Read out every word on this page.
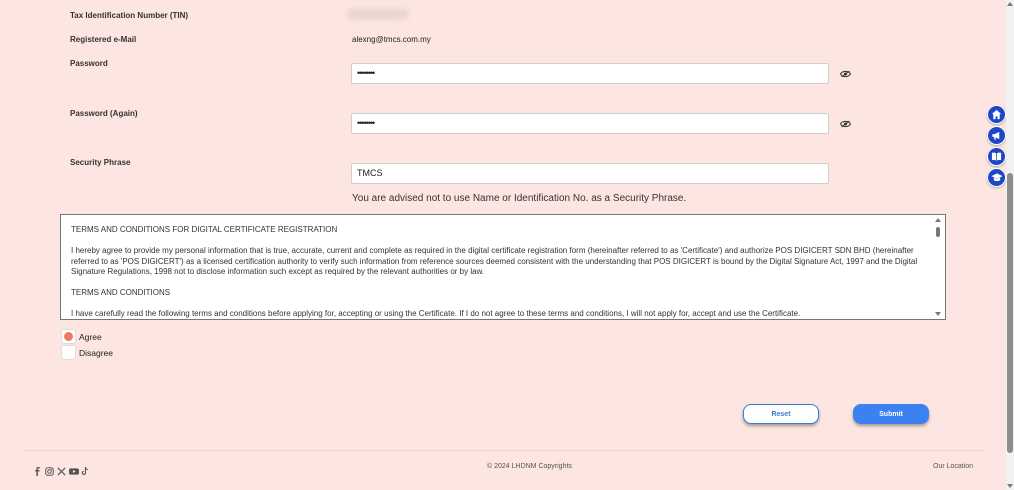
Tax Identification Number (TIN)
Registered e-Mail	alexng@tmcs.com.my
Password
••••••••
Password (Again)
••••••••
Security Phrase
TMCS
You are advised not to use Name or Identification No. as a Security Phrase.

TERMS AND CONDITIONS FOR DIGITAL CERTIFICATE REGISTRATION

I hereby agree to provide my personal information that is true, accurate, current and complete as required in the digital certificate registration form (hereinafter referred to as 'Certificate') and authorize POS DIGICERT SDN BHD (hereinafter referred to as 'POS DIGICERT') as a licensed certification authority to verify such information from reference sources deemed consistent with the understanding that POS DIGICERT is bound by the Digital Signature Act, 1997 and the Digital Signature Regulations, 1998 not to disclose information such except as required by the relevant authorities or by law.

TERMS AND CONDITIONS

I have carefully read the following terms and conditions before applying for, accepting or using the Certificate. If I do not agree to these terms and conditions, I will not apply for, accept and use the Certificate.

Agree
Disagree
Reset	Submit
© 2024 LHDNM Copyrights	Our Location
